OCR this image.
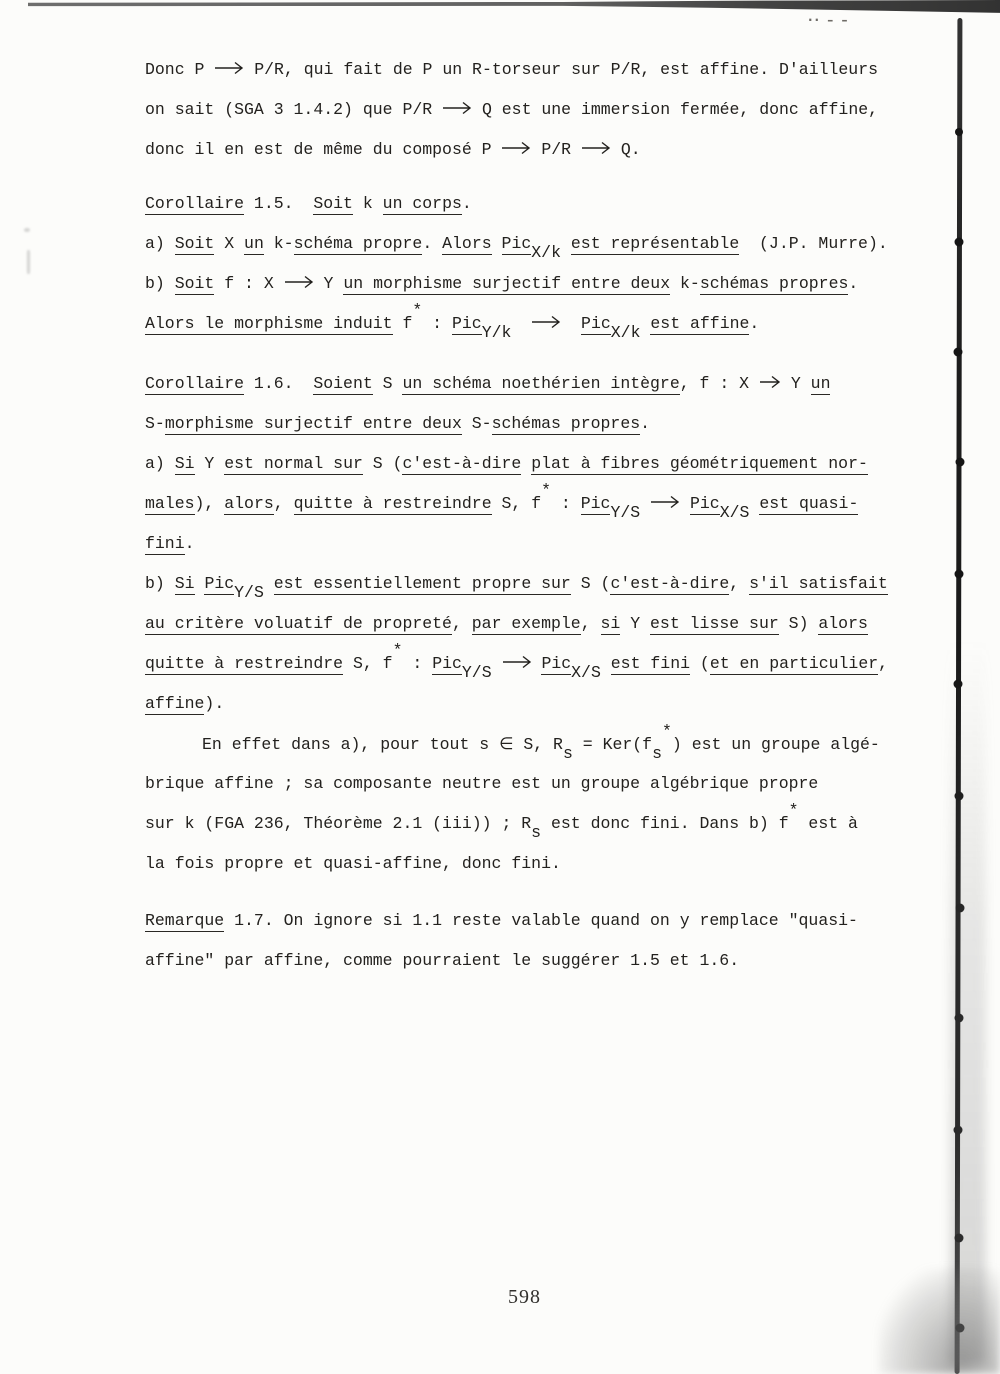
·· – –
Donc P  P/R, qui fait de P un R-torseur sur P/R, est affine. D'ailleurs
on sait (SGA 3 1.4.2) que P/R  Q est une immersion fermée, donc affine,
donc il en est de même du composé P  P/R  Q.
Corollaire 1.5.  Soit k un corps.
a) Soit X un k-schéma propre. Alors PicX/k est représentable  (J.P. Murre).
b) Soit f : X  Y un morphisme surjectif entre deux k-schémas propres.
Alors le morphisme induit f* : PicY/k	PicX/k est affine.
Corollaire 1.6.  Soient S un schéma noethérien intègre, f : X  Y un
S-morphisme surjectif entre deux S-schémas propres.
a) Si Y est normal sur S (c'est-à-dire plat à fibres géométriquement nor-
males), alors, quitte à restreindre S, f* : PicY/S	PicX/S est quasi-
fini.
b) Si PicY/S est essentiellement propre sur S (c'est-à-dire, s'il satisfait
au critère voluatif de propreté, par exemple, si Y est lisse sur S) alors
quitte à restreindre S, f* : PicY/S	PicX/S est fini (et en particulier,
affine).
En effet dans a), pour tout s ∈ S, Rs = Ker(fs*) est un groupe algé-
brique affine ; sa composante neutre est un groupe algébrique propre
sur k (FGA 236, Théorème 2.1 (iii)) ; Rs est donc fini. Dans b) f* est à
la fois propre et quasi-affine, donc fini.
Remarque 1.7. On ignore si 1.1 reste valable quand on y remplace "quasi-
affine" par affine, comme pourraient le suggérer 1.5 et 1.6.
598
